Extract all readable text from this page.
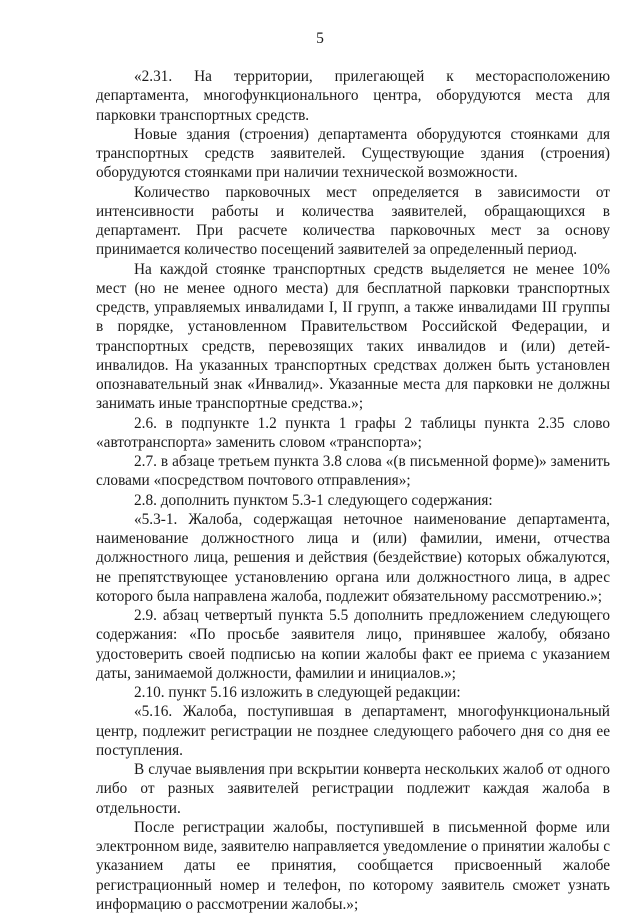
5

«2.31. На территории, прилегающей к месторасположению департамента, многофункционального центра, оборудуются места для парковки транспортных средств.

Новые здания (строения) департамента оборудуются стоянками для транспортных средств заявителей. Существующие здания (строения) оборудуются стоянками при наличии технической возможности.

Количество парковочных мест определяется в зависимости от интенсивности работы и количества заявителей, обращающихся в департамент. При расчете количества парковочных мест за основу принимается количество посещений заявителей за определенный период.

На каждой стоянке транспортных средств выделяется не менее 10% мест (но не менее одного места) для бесплатной парковки транспортных средств, управляемых инвалидами I, II групп, а также инвалидами III группы в порядке, установленном Правительством Российской Федерации, и транспортных средств, перевозящих таких инвалидов и (или) детей-инвалидов. На указанных транспортных средствах должен быть установлен опознавательный знак «Инвалид». Указанные места для парковки не должны занимать иные транспортные средства.»;

2.6. в подпункте 1.2 пункта 1 графы 2 таблицы пункта 2.35 слово «автотранспорта» заменить словом «транспорта»;

2.7. в абзаце третьем пункта 3.8 слова «(в письменной форме)» заменить словами «посредством почтового отправления»;

2.8. дополнить пунктом 5.3-1 следующего содержания:

«5.3-1. Жалоба, содержащая неточное наименование департамента, наименование должностного лица и (или) фамилии, имени, отчества должностного лица, решения и действия (бездействие) которых обжалуются, не препятствующее установлению органа или должностного лица, в адрес которого была направлена жалоба, подлежит обязательному рассмотрению.»;

2.9. абзац четвертый пункта 5.5 дополнить предложением следующего содержания: «По просьбе заявителя лицо, принявшее жалобу, обязано удостоверить своей подписью на копии жалобы факт ее приема с указанием даты, занимаемой должности, фамилии и инициалов.»;

2.10. пункт 5.16 изложить в следующей редакции:

«5.16. Жалоба, поступившая в департамент, многофункциональный центр, подлежит регистрации не позднее следующего рабочего дня со дня ее поступления.

В случае выявления при вскрытии конверта нескольких жалоб от одного либо от разных заявителей регистрации подлежит каждая жалоба в отдельности.

После регистрации жалобы, поступившей в письменной форме или электронном виде, заявителю направляется уведомление о принятии жалобы с указанием даты ее принятия, сообщается присвоенный жалобе регистрационный номер и телефон, по которому заявитель сможет узнать информацию о рассмотрении жалобы.»;
